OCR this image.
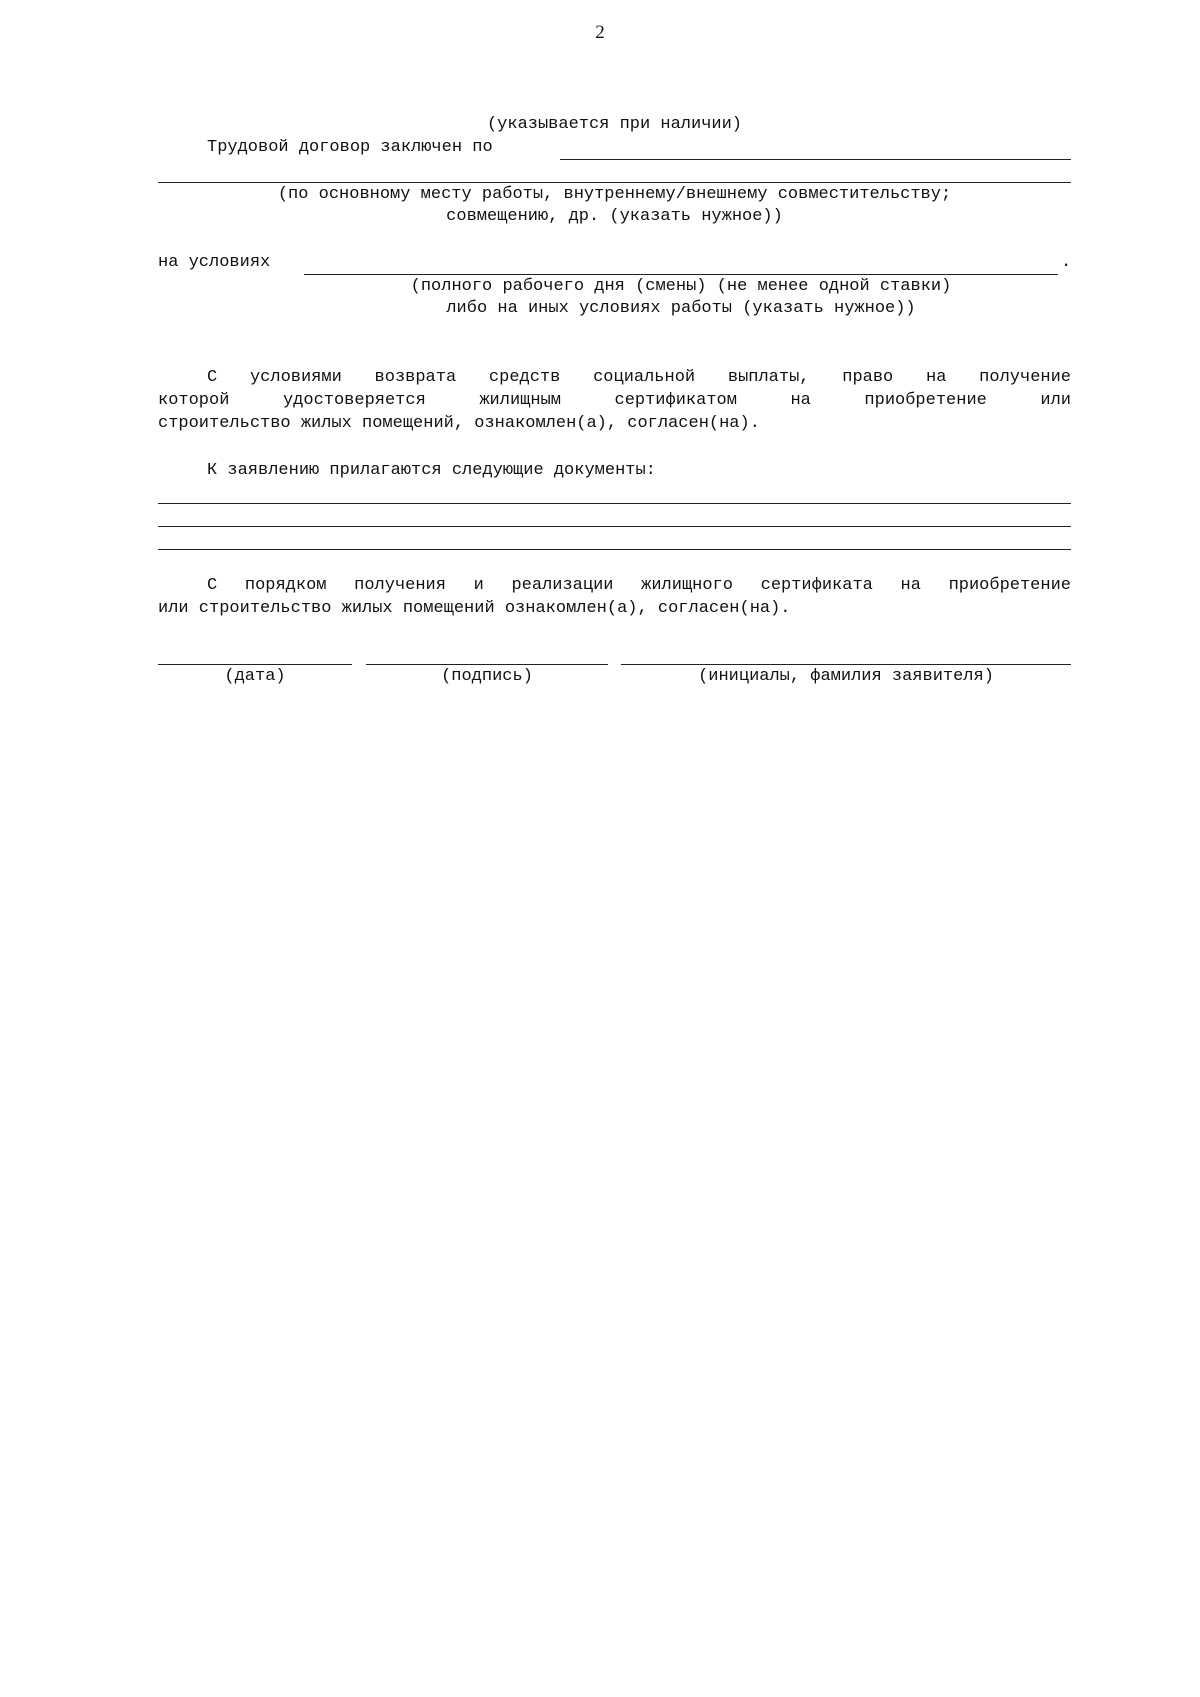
2
(указывается при наличии)
Трудовой договор заключен по
(по основному месту работы, внутреннему/внешнему совместительству;
совмещению, др. (указать нужное))
на условиях	.
(полного рабочего дня (смены) (не менее одной ставки)
либо на иных условиях работы (указать нужное))
С условиями возврата средств социальной выплаты, право на получение
которой удостоверяется жилищным сертификатом на приобретение или
строительство жилых помещений, ознакомлен(а), согласен(на).
К заявлению прилагаются следующие документы:
С порядком получения и реализации жилищного сертификата на приобретение
или строительство жилых помещений ознакомлен(а), согласен(на).
(дата)	(подпись)	(инициалы, фамилия заявителя)
